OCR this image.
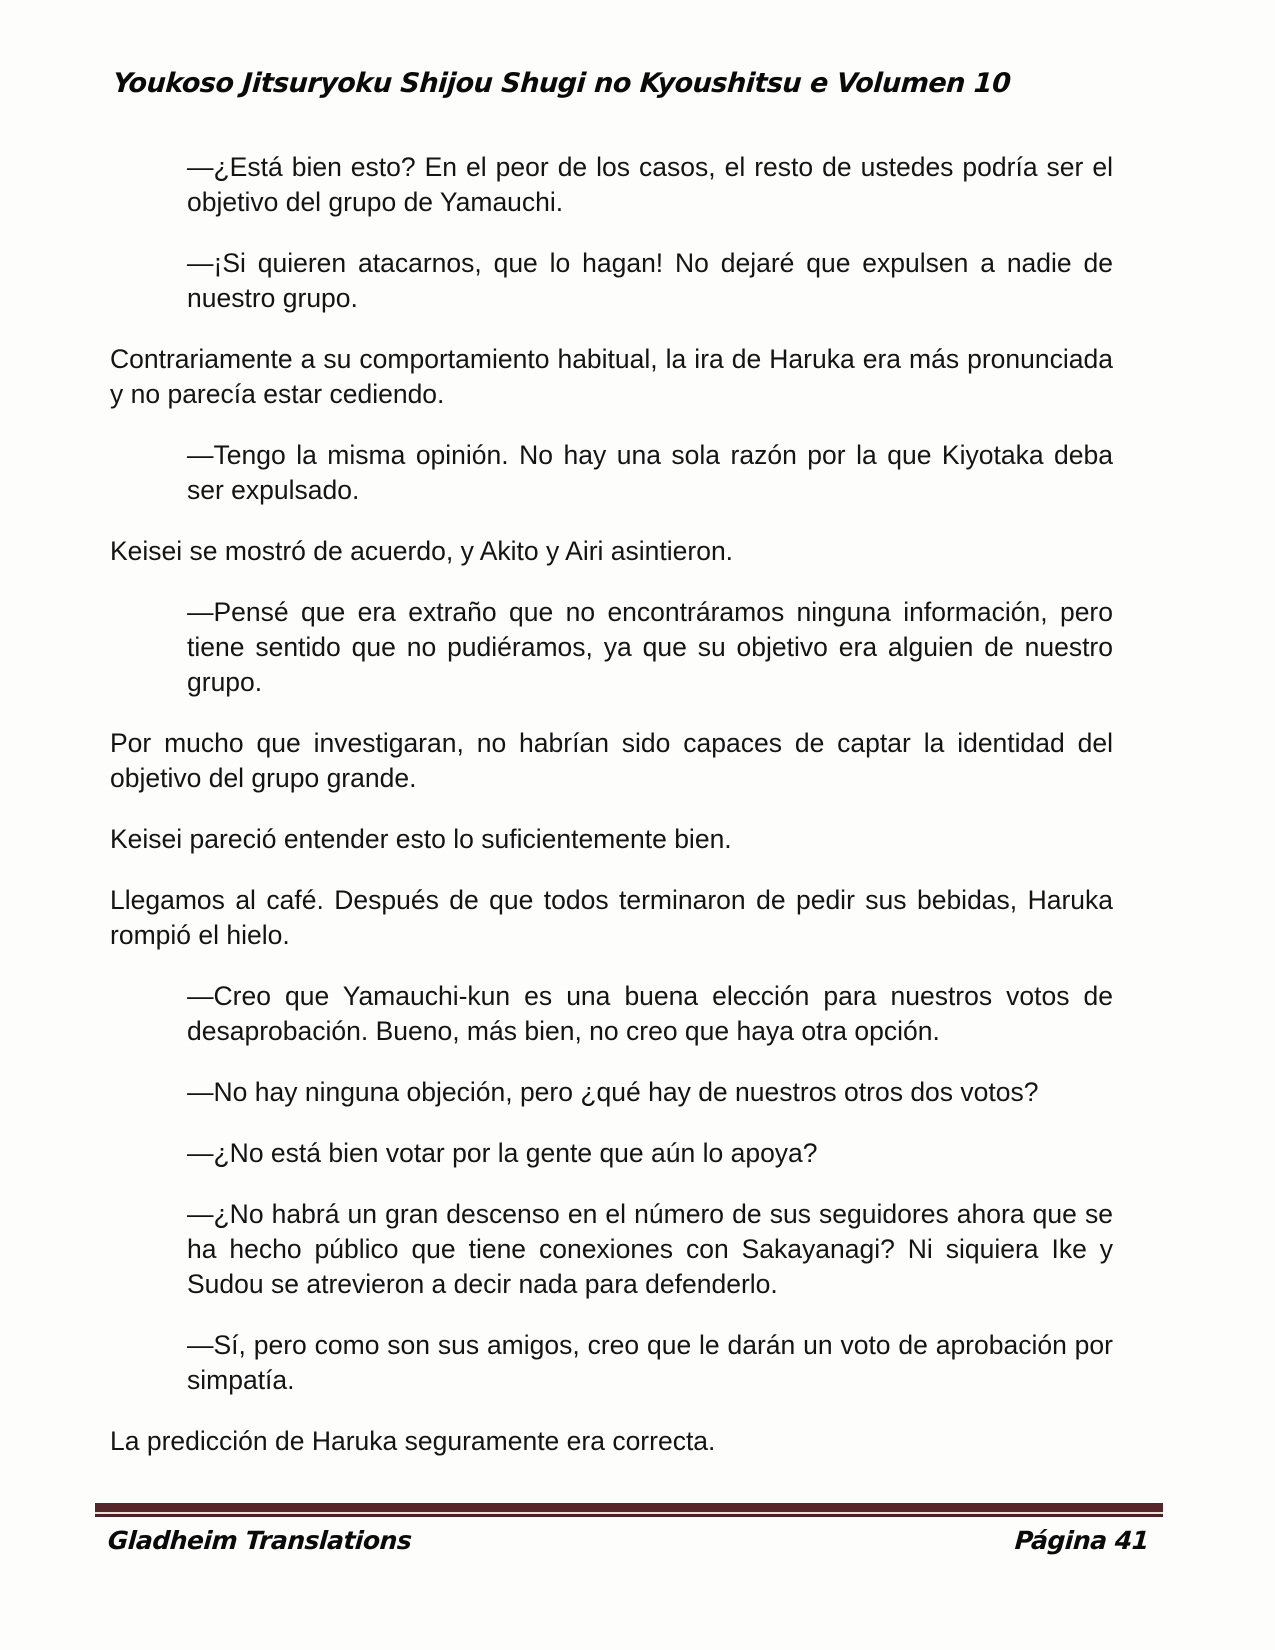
Youkoso Jitsuryoku Shijou Shugi no Kyoushitsu e Volumen 10

—¿Está bien esto? En el peor de los casos, el resto de ustedes podría ser el objetivo del grupo de Yamauchi.

—¡Si quieren atacarnos, que lo hagan! No dejaré que expulsen a nadie de nuestro grupo.

Contrariamente a su comportamiento habitual, la ira de Haruka era más pronunciada y no parecía estar cediendo.

—Tengo la misma opinión. No hay una sola razón por la que Kiyotaka deba ser expulsado.

Keisei se mostró de acuerdo, y Akito y Airi asintieron.

—Pensé que era extraño que no encontráramos ninguna información, pero tiene sentido que no pudiéramos, ya que su objetivo era alguien de nuestro grupo.

Por mucho que investigaran, no habrían sido capaces de captar la identidad del objetivo del grupo grande.

Keisei pareció entender esto lo suficientemente bien.

Llegamos al café. Después de que todos terminaron de pedir sus bebidas, Haruka rompió el hielo.

—Creo que Yamauchi-kun es una buena elección para nuestros votos de desaprobación. Bueno, más bien, no creo que haya otra opción.

—No hay ninguna objeción, pero ¿qué hay de nuestros otros dos votos?

—¿No está bien votar por la gente que aún lo apoya?

—¿No habrá un gran descenso en el número de sus seguidores ahora que se ha hecho público que tiene conexiones con Sakayanagi? Ni siquiera Ike y Sudou se atrevieron a decir nada para defenderlo.

—Sí, pero como son sus amigos, creo que le darán un voto de aprobación por simpatía.

La predicción de Haruka seguramente era correcta.

Gladheim Translations	Página 41
